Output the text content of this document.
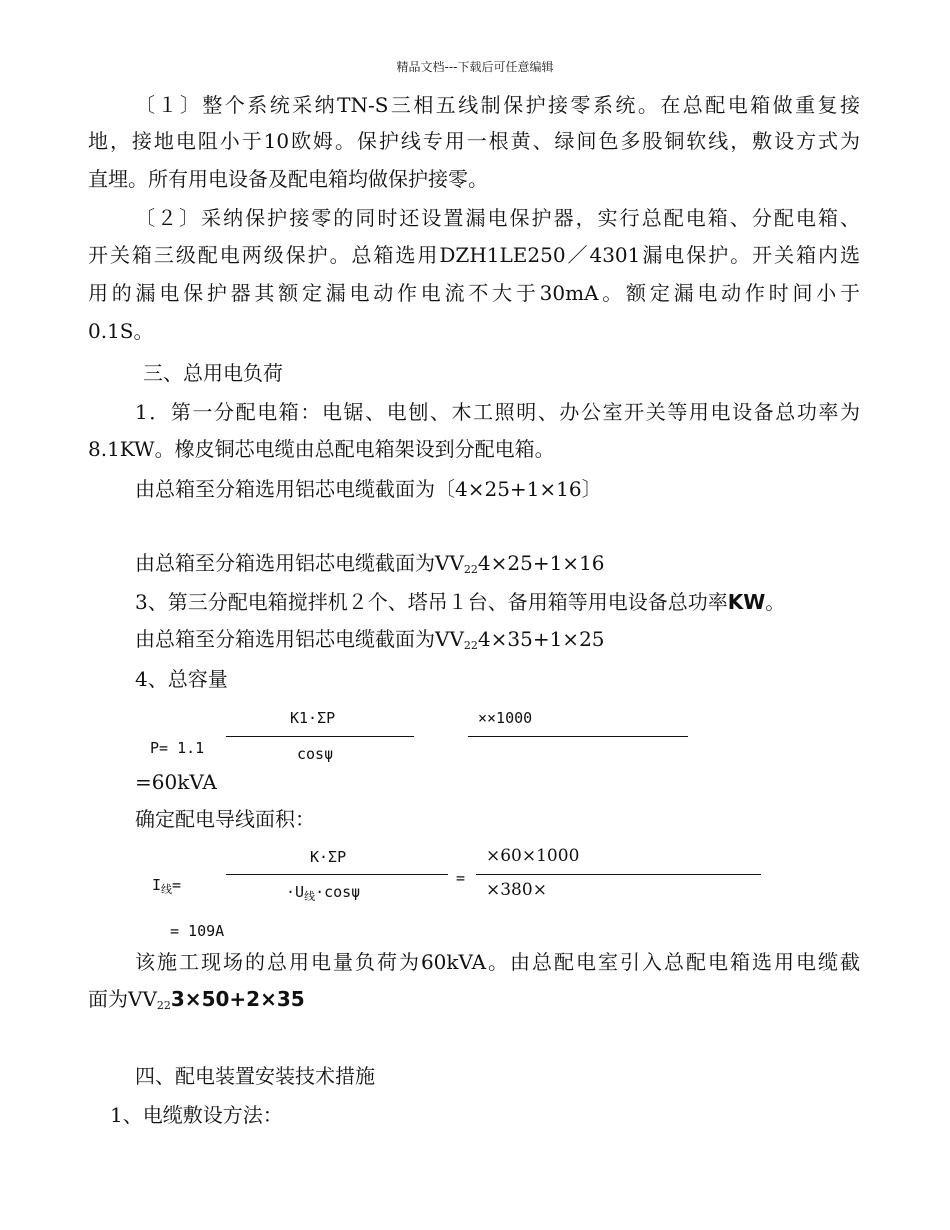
精品文档---下载后可任意编辑
〔１〕整个系统采纳TN-S三相五线制保护接零系统。在总配电箱做重复接
地，接地电阻小于10欧姆。保护线专用一根黄、绿间色多股铜软线，敷设方式为
直埋。所有用电设备及配电箱均做保护接零。
〔２〕采纳保护接零的同时还设置漏电保护器，实行总配电箱、分配电箱、
开关箱三级配电两级保护。总箱选用DZH1LE250／4301漏电保护。开关箱内选
用的漏电保护器其额定漏电动作电流不大于30mA。额定漏电动作时间小于
0.1S。
三、总用电负荷
1．第一分配电箱：电锯、电刨、木工照明、办公室开关等用电设备总功率为
8.1KW。橡皮铜芯电缆由总配电箱架设到分配电箱。
由总箱至分箱选用铝芯电缆截面为〔4×25+1×16〕
由总箱至分箱选用铝芯电缆截面为$VV_{22}4\times 25+1\times 16$
3、第三分配电箱搅拌机２个、塔吊１台、备用箱等用电设备总功率KW。
由总箱至分箱选用铝芯电缆截面为$VV_{22}4\times 35+1\times 25$
4、总容量
K1·ΣP
cosψ
P= 1.1
××1000
=60kVA
确定配电导线面积：
K·ΣP
$\cdot U_线\cdot\cos\psi$
$I_线=$	=
×60×1000
×380×
= 109A
该施工现场的总用电量负荷为60kVA。由总配电室引入总配电箱选用电缆截
面为$VV_{22}3\times 50+2\times 35$
四、配电装置安装技术措施
1、电缆敷设方法：
